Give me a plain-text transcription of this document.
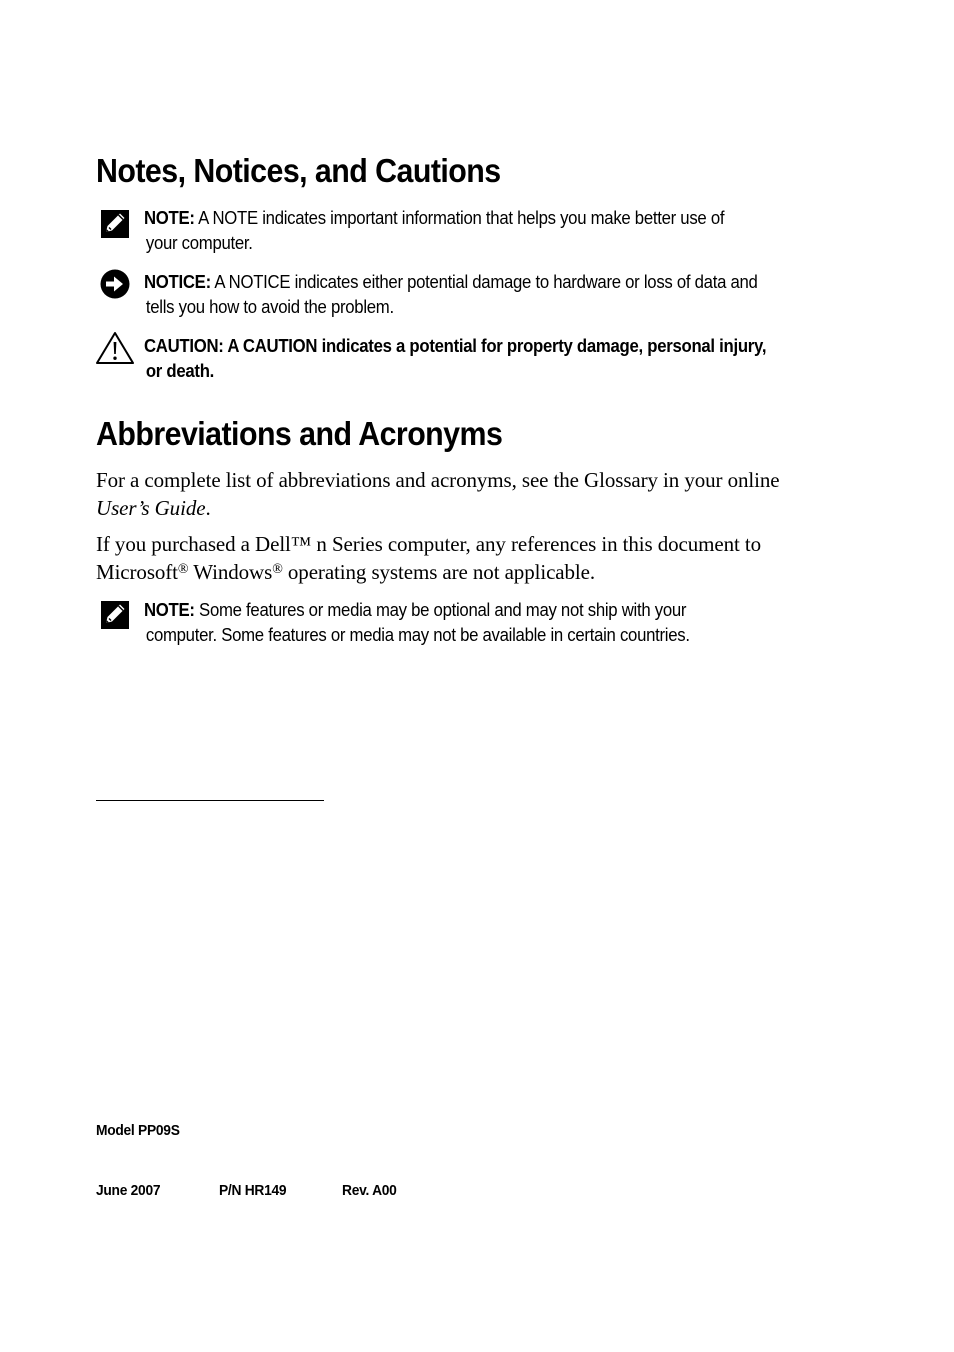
Notes, Notices, and Cautions
NOTE: A NOTE indicates important information that helps you make better use of
your computer.
NOTICE: A NOTICE indicates either potential damage to hardware or loss of data and
tells you how to avoid the problem.
CAUTION: A CAUTION indicates a potential for property damage, personal injury,
or death.
Abbreviations and Acronyms

For a complete list of abbreviations and acronyms, see the Glossary in your online User’s Guide.

If you purchased a Dell™ n Series computer, any references in this document to Microsoft® Windows® operating systems are not applicable.

NOTE: Some features or media may be optional and may not ship with your
computer. Some features or media may not be available in certain countries.
Model PP09S
June 2007	P/N HR149	Rev. A00
